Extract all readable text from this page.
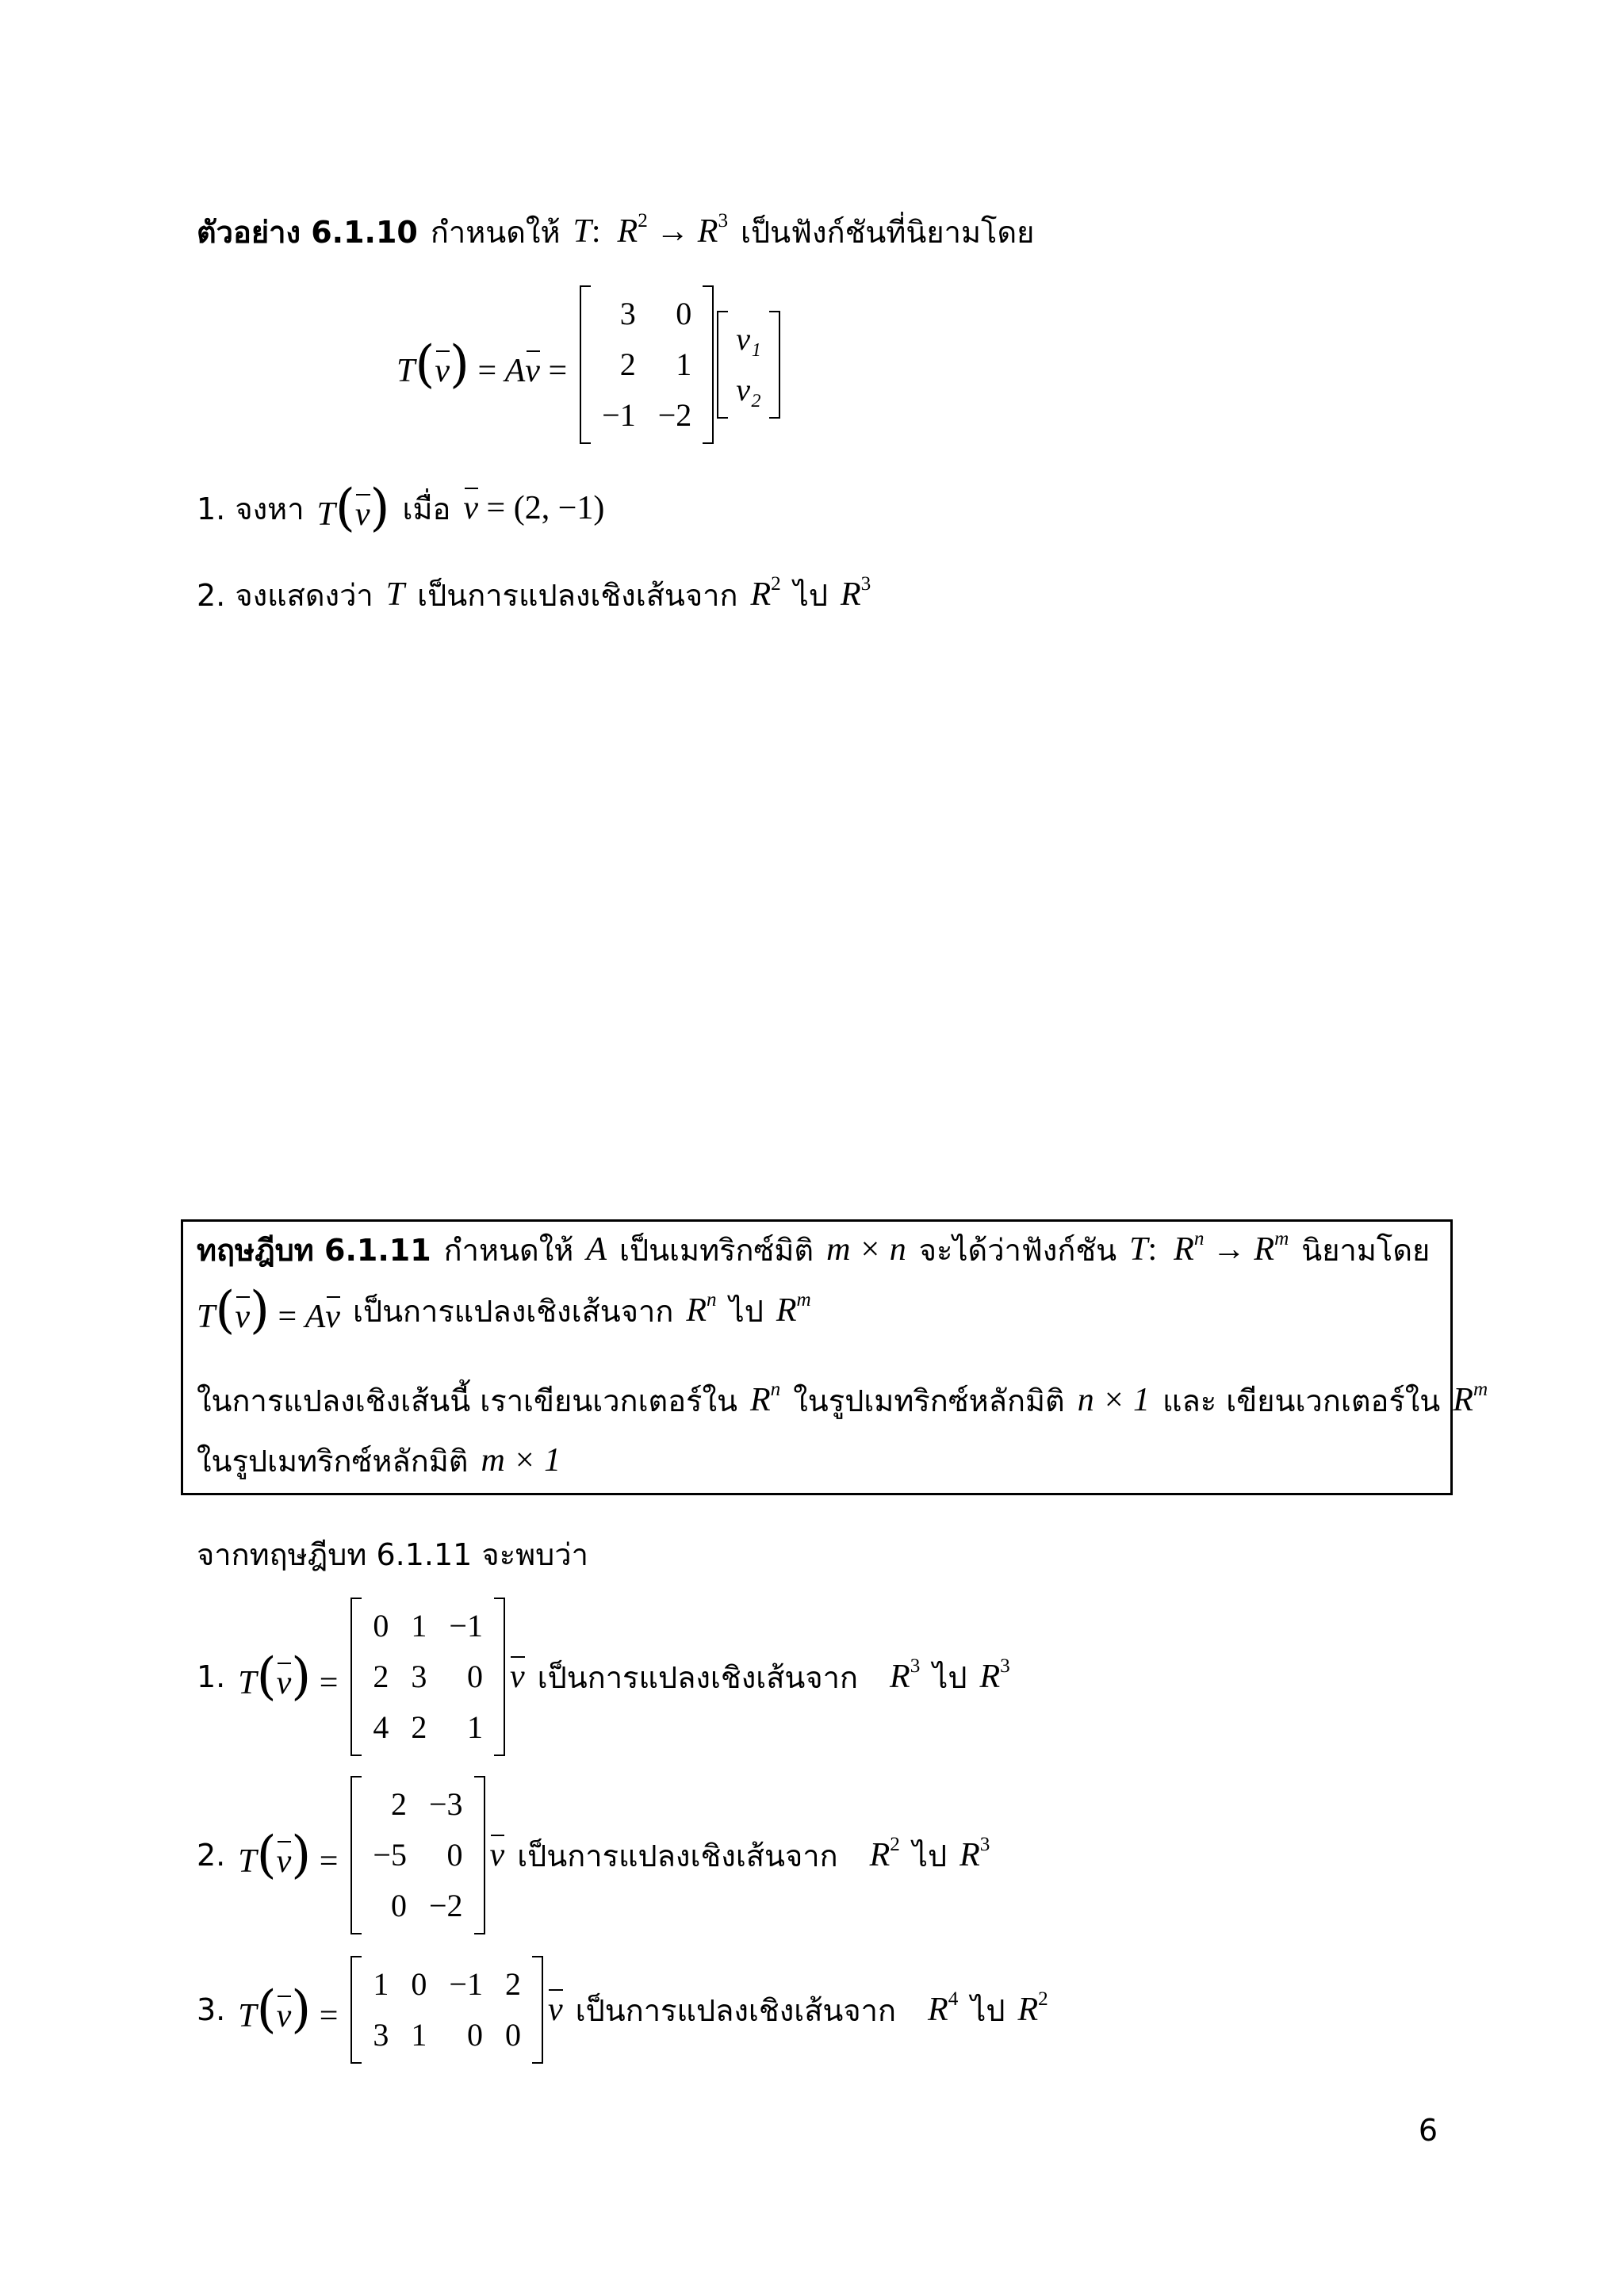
ตัวอย่าง 6.1.10 กำหนดให้ T: $R^2 \to R^3$ เป็นฟังก์ชันที่นิยามโดย
T(v) = Av =
3	0
2	1
−1	−2
v₁
v₂
1. จงหา T(v) เมื่อ v = (2, −1)
2. จงแสดงว่า T เป็นการแปลงเชิงเส้นจาก $R^2$ ไป $R^3$
ทฤษฎีบท 6.1.11 กำหนดให้ A เป็นเมทริกซ์มิติ m × n จะได้ว่าฟังก์ชัน T: $R^n \to R^m$ นิยามโดย
T(v) = Av เป็นการแปลงเชิงเส้นจาก $R^n$ ไป $R^m$
ในการแปลงเชิงเส้นนี้ เราเขียนเวกเตอร์ใน $R^n$ ในรูปเมทริกซ์หลักมิติ n × 1 และ เขียนเวกเตอร์ใน $R^m$
ในรูปเมทริกซ์หลักมิติ m × 1
จากทฤษฎีบท 6.1.11 จะพบว่า
1. T(v) =
0	1	−1
2	3	0
4	2	1
v เป็นการแปลงเชิงเส้นจาก $R^3$ ไป $R^3$
2. T(v) =
2	−3
−5	0
0	−2
v เป็นการแปลงเชิงเส้นจาก $R^2$ ไป $R^3$
3. T(v) =
1	0	−1	2
3	1	0	0
v เป็นการแปลงเชิงเส้นจาก $R^4$ ไป $R^2$
6
